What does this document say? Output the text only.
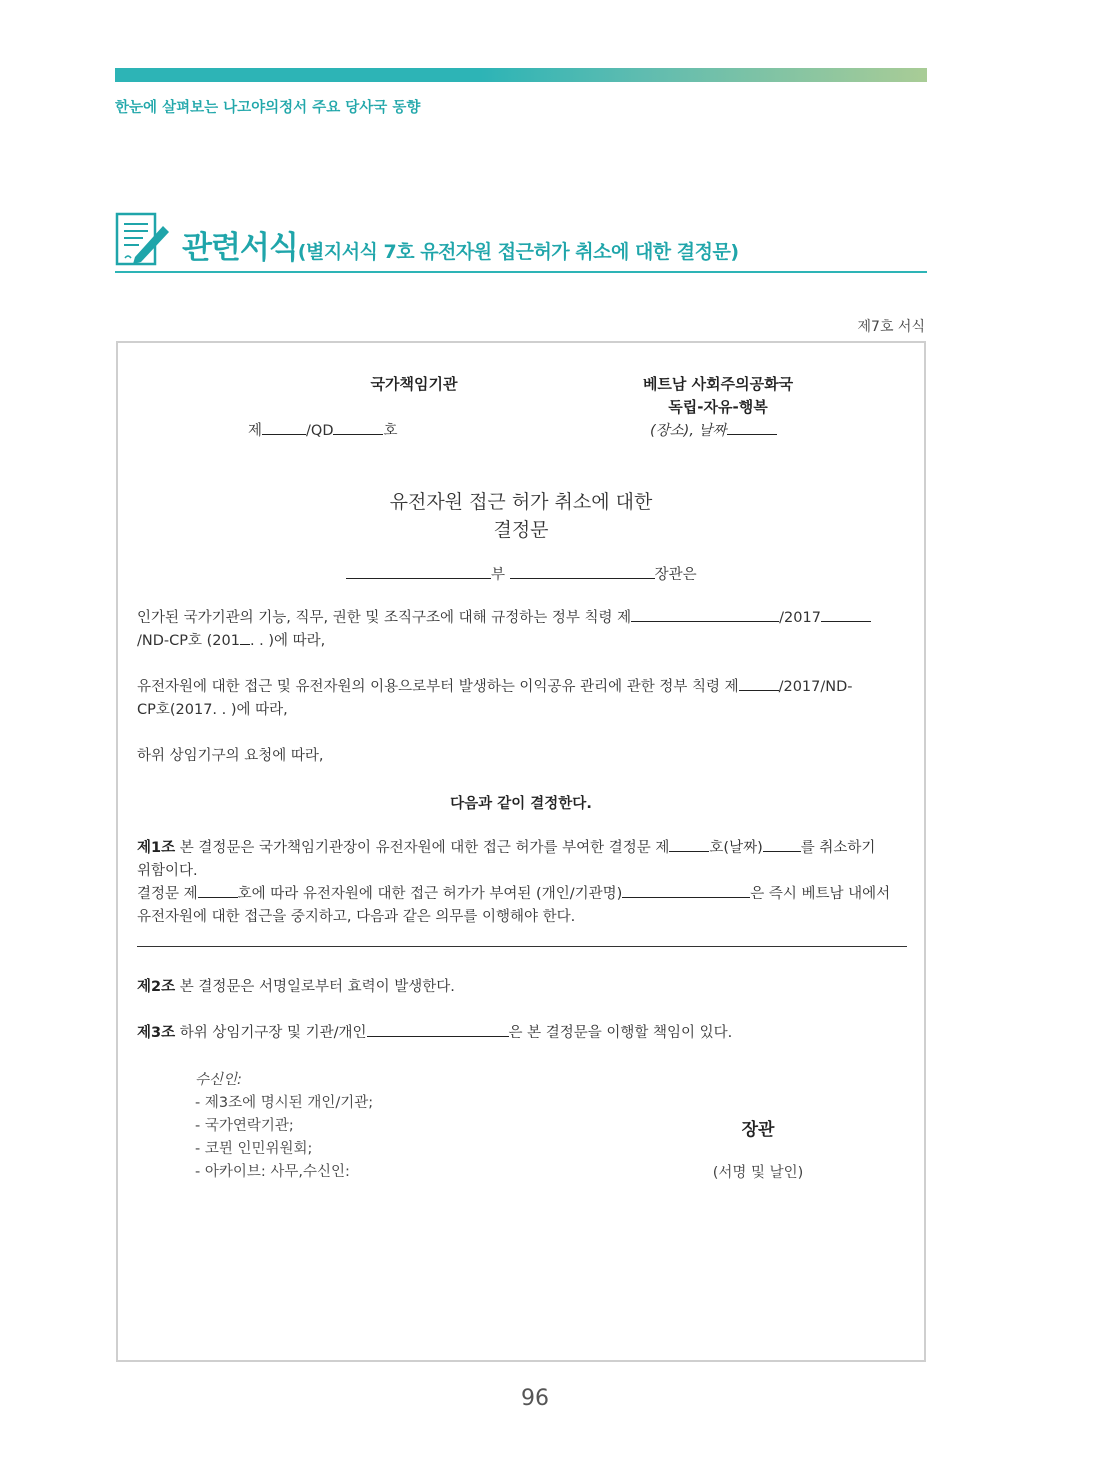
한눈에 살펴보는 나고야의정서 주요 당사국 동향
관련서식(별지서식 7호 유전자원 접근허가 취소에 대한 결정문)
제7호 서식
국가책임기관
제	/QD	호
베트남 사회주의공화국
독립-자유-행복
(장소), 날짜
유전자원 접근 허가 취소에 대한
결정문
부	장관은
인가된 국가기관의 기능, 직무, 권한 및 조직구조에 대해 규정하는 정부 칙령 제	/2017
/ND-CP호 (201 . . )에 따라,
유전자원에 대한 접근 및 유전자원의 이용으로부터 발생하는 이익공유 관리에 관한 정부 칙령 제	/2017/ND-
CP호(2017. . )에 따라,
하위 상임기구의 요청에 따라,
다음과 같이 결정한다.
제1조 본 결정문은 국가책임기관장이 유전자원에 대한 접근 허가를 부여한 결정문 제	호(날짜)	를 취소하기
위함이다.
결정문 제	호에 따라 유전자원에 대한 접근 허가가 부여된 (개인/기관명)	은 즉시 베트남 내에서
유전자원에 대한 접근을 중지하고, 다음과 같은 의무를 이행해야 한다.
제2조 본 결정문은 서명일로부터 효력이 발생한다.
제3조 하위 상임기구장 및 기관/개인	은 본 결정문을 이행할 책임이 있다.
수신인:
- 제3조에 명시된 개인/기관;
- 국가연락기관;
- 코뮌 인민위원회;
- 아카이브: 사무,수신인:
장관
(서명 및 날인)
96
